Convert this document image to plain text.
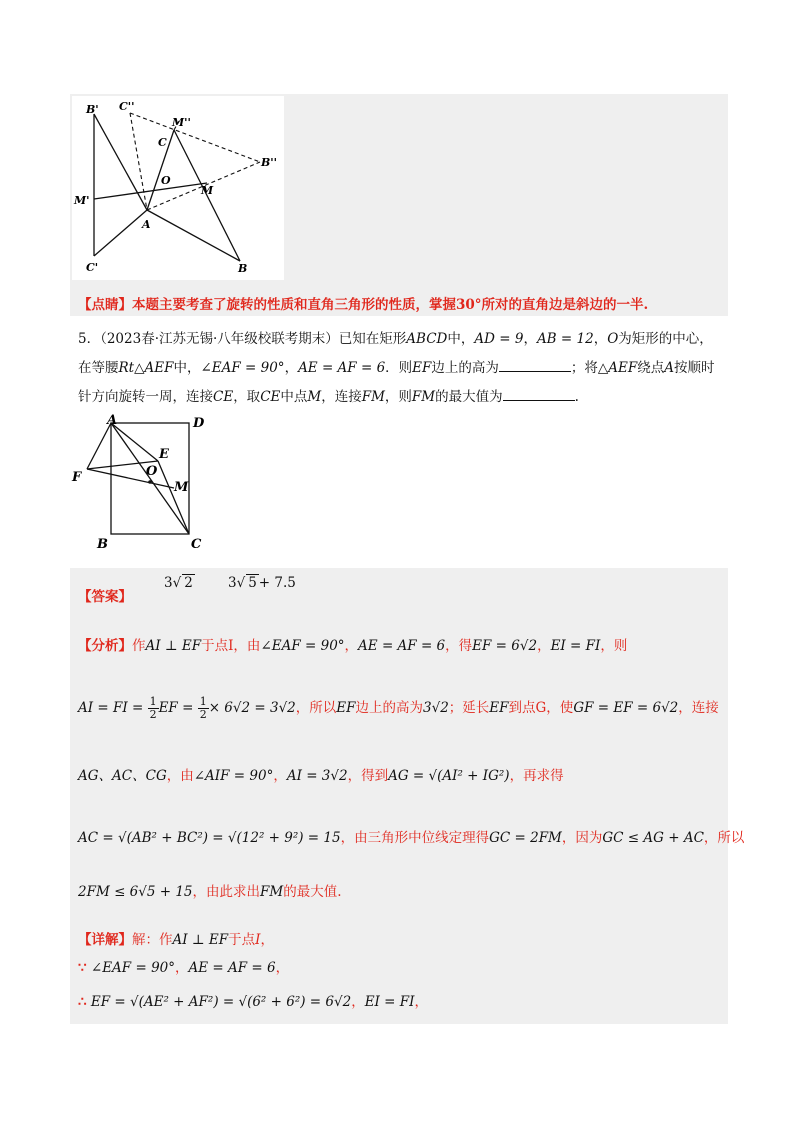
B' C''
M''
C
B''
O
M'
M
A
C'	B
【点睛】本题主要考查了旋转的性质和直角三角形的性质，掌握30°所对的直角边是斜边的一半.
5．（2023春·江苏无锡·八年级校联考期末）已知在矩形ABCD中，AD = 9，AB = 12，O为矩形的中心，
在等腰Rt△AEF中，∠EAF = 90°，AE = AF = 6．则EF边上的高为	；将△AEF绕点A按顺时
针方向旋转一周，连接CE，取CE中点M，连接FM，则FM的最大值为	.
A	D
E
F	O
M
B	C
【答案】
3√ 2	3√ 5 + 7.5
【分析】作AI ⊥ EF于点I，由∠EAF = 90°，AE = AF = 6，得EF = 6√2，EI = FI，则
AI = FI = $\frac{1}{2}$ EF = $\frac{1}{2} \times 6√2 = 3√2$，所以EF边上的高为3√2；延长EF到点G，使GF = EF = 6√2，连接
AG、AC、CG，由∠AIF = 90°，AI = 3√2，得到AG = √(AI² + IG²)，再求得
AC = √(AB² + BC²) = √(12² + 9²) = 15，由三角形中位线定理得GC = 2FM，因为GC ≤ AG + AC，所以
2FM ≤ 6√5 + 15，由此求出FM的最大值.
【详解】解：作AI ⊥ EF于点I，
∵ ∠EAF = 90°，AE = AF = 6，
∴ EF = √(AE² + AF²) = √(6² + 6²) = 6√2，EI = FI，
